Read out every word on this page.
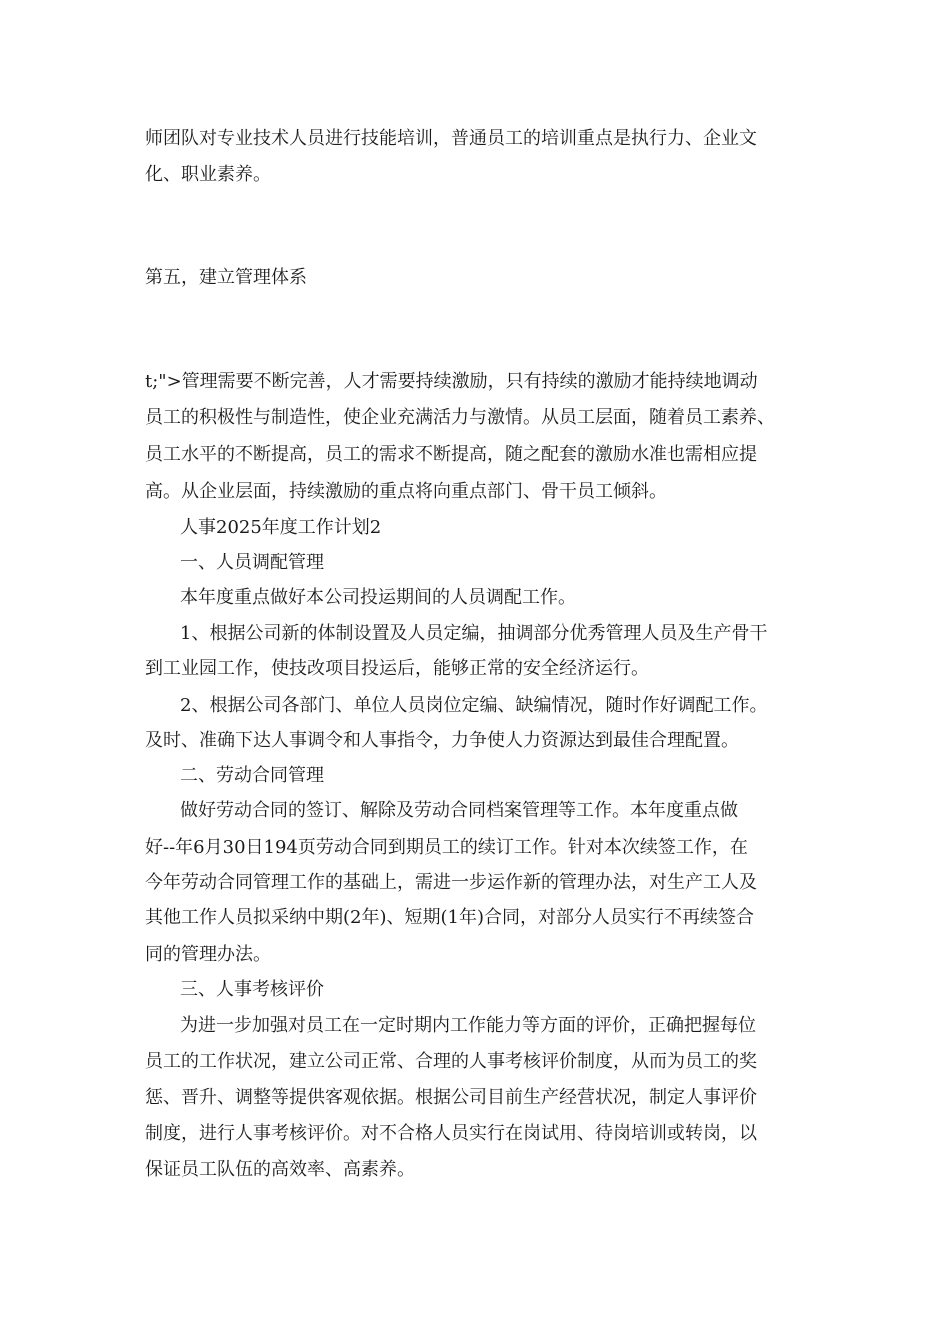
师团队对专业技术人员进行技能培训，普通员工的培训重点是执行力、企业文
化、职业素养。
第五，建立管理体系
t;">管理需要不断完善，人才需要持续激励，只有持续的激励才能持续地调动
员工的积极性与制造性，使企业充满活力与激情。从员工层面，随着员工素养、
员工水平的不断提高，员工的需求不断提高，随之配套的激励水准也需相应提
高。从企业层面，持续激励的重点将向重点部门、骨干员工倾斜。
人事2025年度工作计划2
一、人员调配管理
本年度重点做好本公司投运期间的人员调配工作。
1、根据公司新的体制设置及人员定编，抽调部分优秀管理人员及生产骨干
到工业园工作，使技改项目投运后，能够正常的安全经济运行。
2、根据公司各部门、单位人员岗位定编、缺编情况，随时作好调配工作。
及时、准确下达人事调令和人事指令，力争使人力资源达到最佳合理配置。
二、劳动合同管理
做好劳动合同的签订、解除及劳动合同档案管理等工作。本年度重点做
好--年6月30日194页劳动合同到期员工的续订工作。针对本次续签工作，在
今年劳动合同管理工作的基础上，需进一步运作新的管理办法，对生产工人及
其他工作人员拟采纳中期(2年)、短期(1年)合同，对部分人员实行不再续签合
同的管理办法。
三、人事考核评价
为进一步加强对员工在一定时期内工作能力等方面的评价，正确把握每位
员工的工作状况，建立公司正常、合理的人事考核评价制度，从而为员工的奖
惩、晋升、调整等提供客观依据。根据公司目前生产经营状况，制定人事评价
制度，进行人事考核评价。对不合格人员实行在岗试用、待岗培训或转岗，以
保证员工队伍的高效率、高素养。
